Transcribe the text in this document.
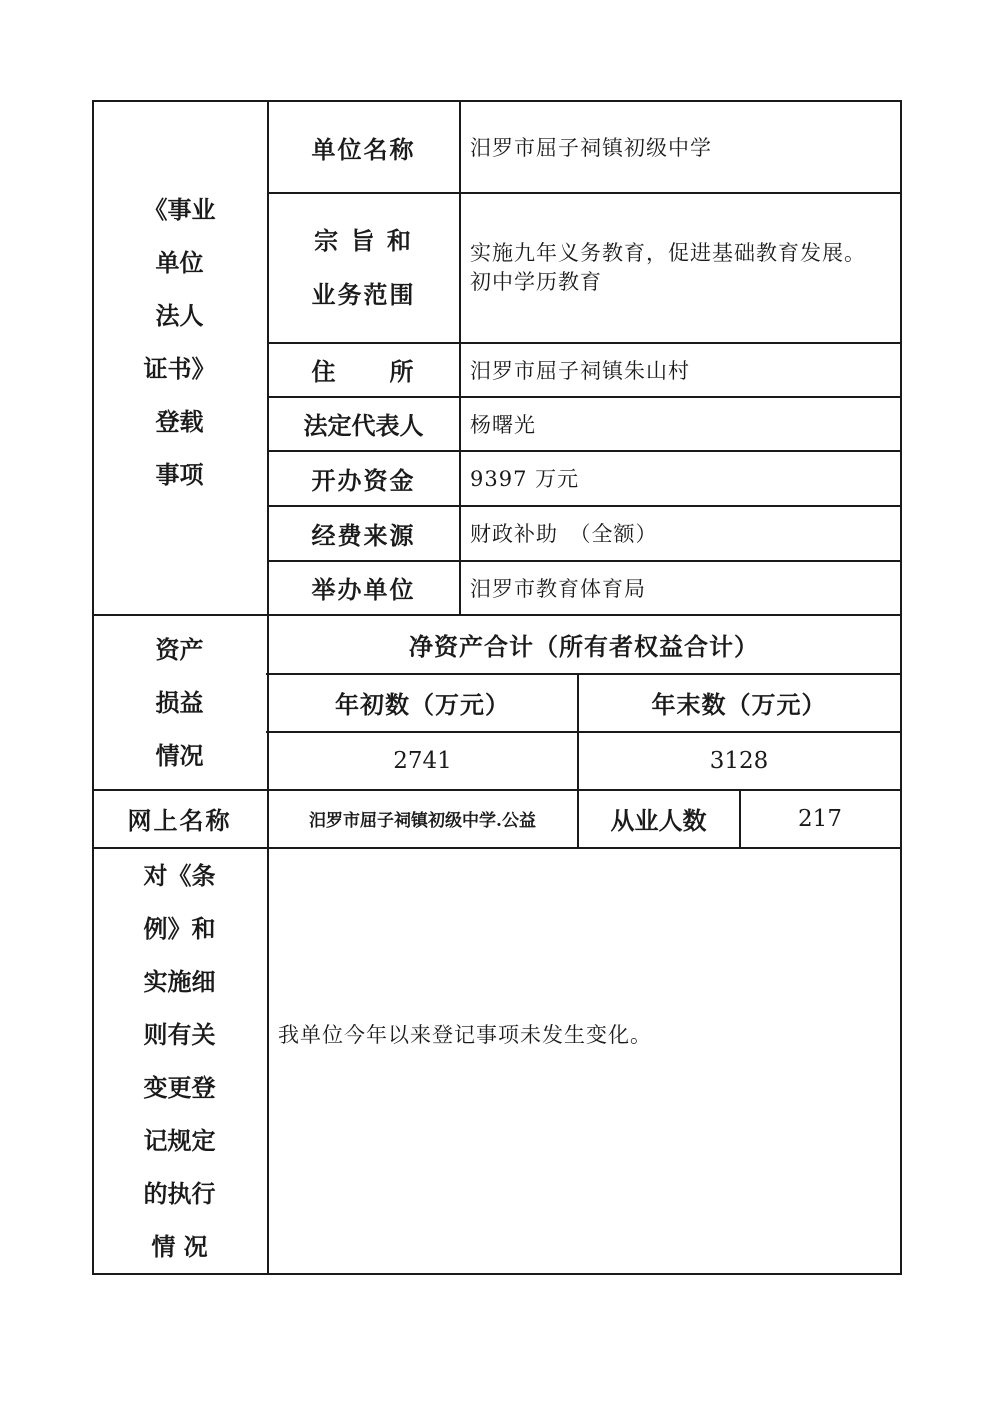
《事业
单位
法人
证书》
登载
事项
单位名称	汨罗市屈子祠镇初级中学
宗 旨 和
业务范围
实施九年义务教育，促进基础教育发展。
初中学历教育
住　　所	汨罗市屈子祠镇朱山村
法定代表人	杨曙光
开办资金	9397 万元
经费来源	财政补助　（全额）
举办单位	汨罗市教育体育局
资产
损益
情况
净资产合计（所有者权益合计）
年初数（万元）	年末数（万元）
2741	3128
网上名称	汨罗市屈子祠镇初级中学.公益	从业人数	217
对《条
例》和
实施细
则有关
变更登
记规定
的执行
情 况
我单位今年以来登记事项未发生变化。
